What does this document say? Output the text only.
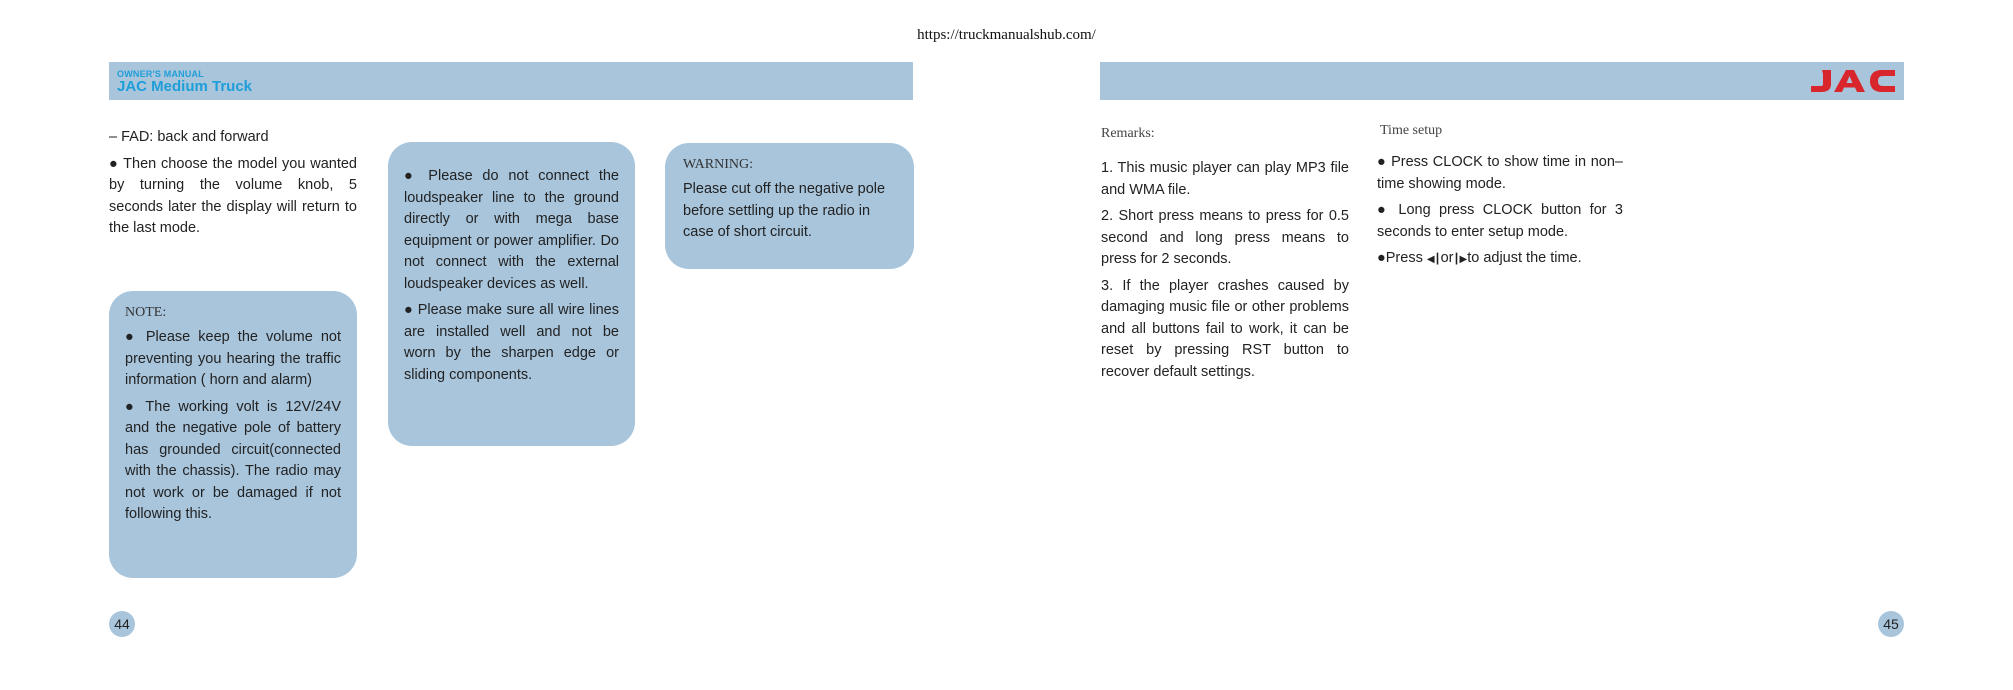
https://truckmanualshub.com/
OWNER'S MANUAL
JAC Medium Truck

– FAD: back and forward

● Then choose the model you wanted by turning the volume knob, 5 seconds later the display will return to the last mode.

NOTE:

● Please keep the volume not preventing you hearing the traffic information ( horn and alarm)

● The working volt is 12V/24V and the negative pole of battery has grounded circuit(connected with the chassis). The radio may not work or be damaged if not following this.

● Please do not connect the loudspeaker line to the ground directly or with mega base equipment or power amplifier. Do not connect with the external loudspeaker devices as well.

● Please make sure all wire lines are installed well and not be worn by the sharpen edge or sliding components.

WARNING:

Please cut off the negative pole before settling up the radio in case of short circuit.

44
Remarks:

1. This music player can play MP3 file and WMA file.

2. Short press means to press for 0.5 second and long press means to press for 2 seconds.

3. If the player crashes caused by damaging music file or other problems and all buttons fail to work, it can be reset by pressing RST button to recover default settings.

Time setup

● Press CLOCK to show time in non–time showing mode.

● Long press CLOCK button for 3 seconds to enter setup mode.

●Press ◀┃or┃▶to adjust the time.

45
